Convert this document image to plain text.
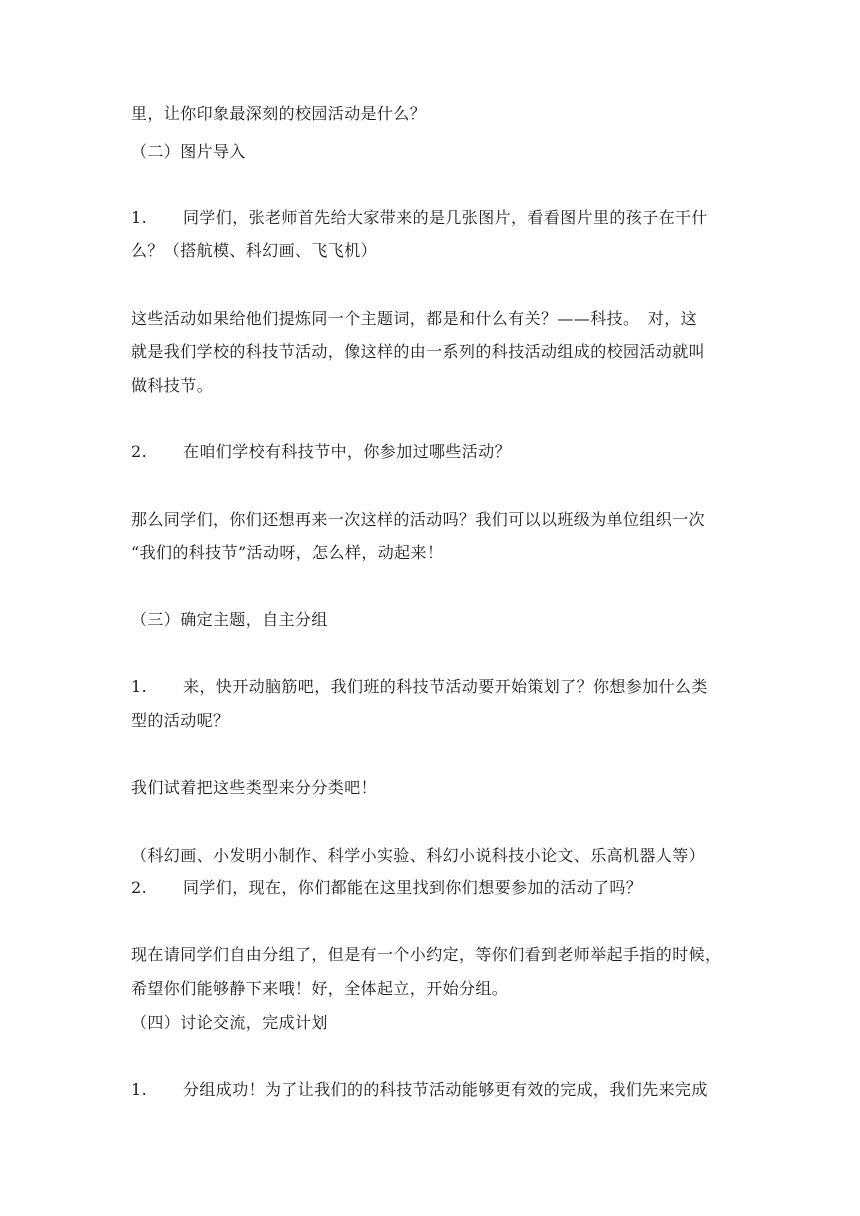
里，让你印象最深刻的校园活动是什么？
（二）图片导入
1. 同学们，张老师首先给大家带来的是几张图片，看看图片里的孩子在干什
么？（搭航模、科幻画、飞飞机）
这些活动如果给他们提炼同一个主题词，都是和什么有关？——科技。　对，这
就是我们学校的科技节活动，像这样的由一系列的科技活动组成的校园活动就叫
做科技节。
2. 在咱们学校有科技节中，你参加过哪些活动？
那么同学们，你们还想再来一次这样的活动吗？我们可以以班级为单位组织一次
“我们的科技节”活动呀，怎么样，动起来！
（三）确定主题，自主分组
1. 来，快开动脑筋吧，我们班的科技节活动要开始策划了？你想参加什么类
型的活动呢？
我们试着把这些类型来分分类吧！
（科幻画、小发明小制作、科学小实验、科幻小说科技小论文、乐高机器人等）
2. 同学们，现在，你们都能在这里找到你们想要参加的活动了吗？
现在请同学们自由分组了，但是有一个小约定，等你们看到老师举起手指的时候，
希望你们能够静下来哦！好，全体起立，开始分组。
（四）讨论交流，完成计划
1. 分组成功！为了让我们的的科技节活动能够更有效的完成，我们先来完成
